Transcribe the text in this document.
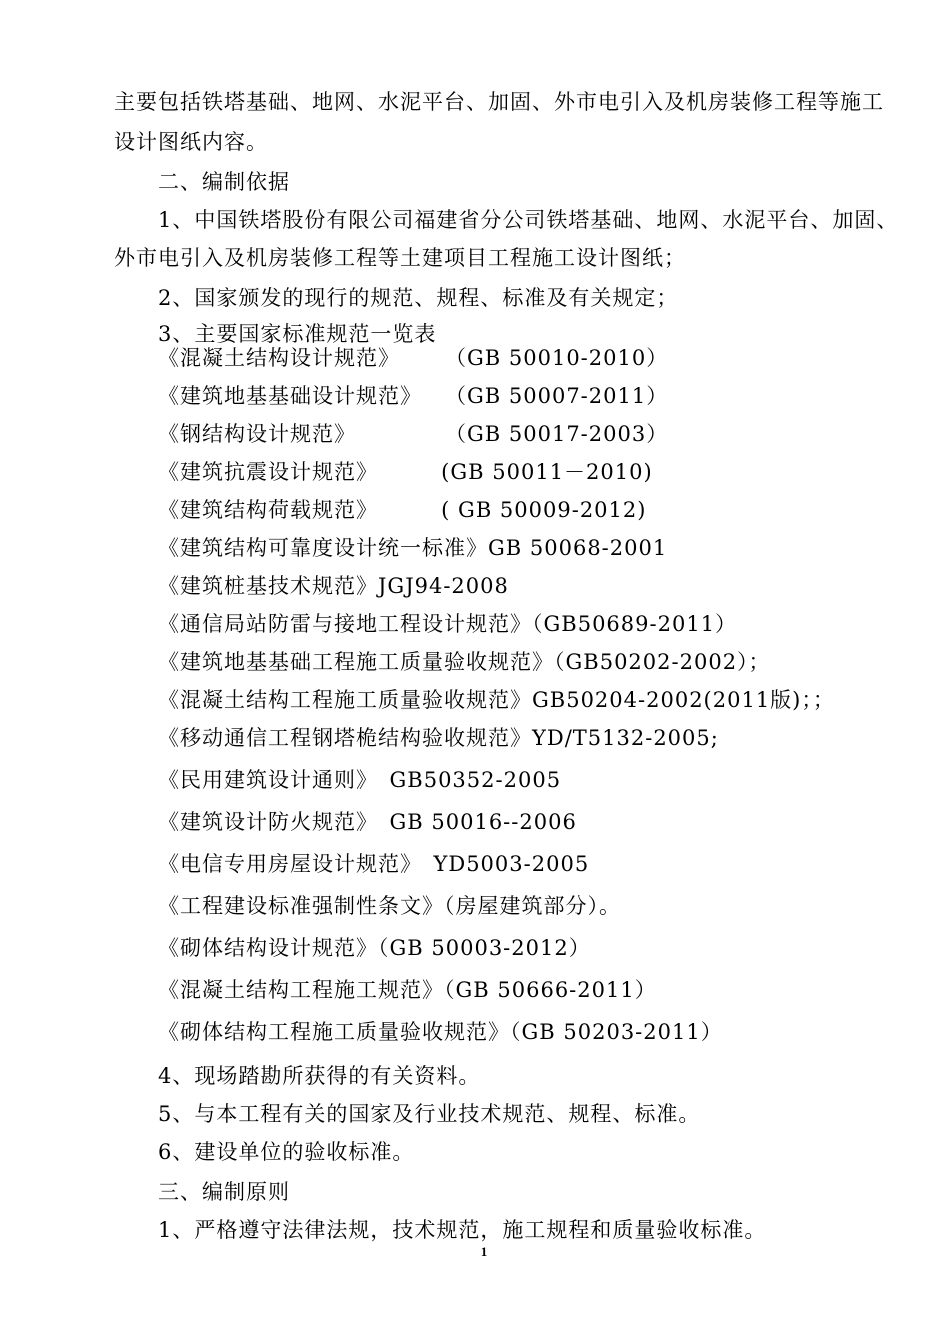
主要包括铁塔基础、地网、水泥平台、加固、外市电引入及机房装修工程等施工
设计图纸内容。
二、编制依据
1、中国铁塔股份有限公司福建省分公司铁塔基础、地网、水泥平台、加固、
外市电引入及机房装修工程等土建项目工程施工设计图纸；
2、国家颁发的现行的规范、规程、标准及有关规定；
3、主要国家标准规范一览表
《混凝土结构设计规范》　　　（GB 50010-2010）
《建筑地基基础设计规范》　　（GB 50007-2011）
《钢结构设计规范》　　　　　（GB 50017-2003）
《建筑抗震设计规范》　　　 (GB 50011－2010)
《建筑结构荷载规范》　　　 ( GB 50009-2012)
《建筑结构可靠度设计统一标准》GB 50068-2001
《建筑桩基技术规范》JGJ94-2008
《通信局站防雷与接地工程设计规范》（GB50689-2011）
《建筑地基基础工程施工质量验收规范》（GB50202-2002）；
《混凝土结构工程施工质量验收规范》GB50204-2002(2011版)；；
《移动通信工程钢塔桅结构验收规范》YD/T5132-2005;
《民用建筑设计通则》　GB50352-2005
《建筑设计防火规范》　GB 50016--2006
《电信专用房屋设计规范》　YD5003-2005
《工程建设标准强制性条文》（房屋建筑部分）。
《砌体结构设计规范》（GB 50003-2012）
《混凝土结构工程施工规范》（GB 50666-2011）
《砌体结构工程施工质量验收规范》（GB 50203-2011）
4、现场踏勘所获得的有关资料。
5、与本工程有关的国家及行业技术规范、规程、标准。
6、建设单位的验收标准。
三、编制原则
1、严格遵守法律法规，技术规范，施工规程和质量验收标准。
1
